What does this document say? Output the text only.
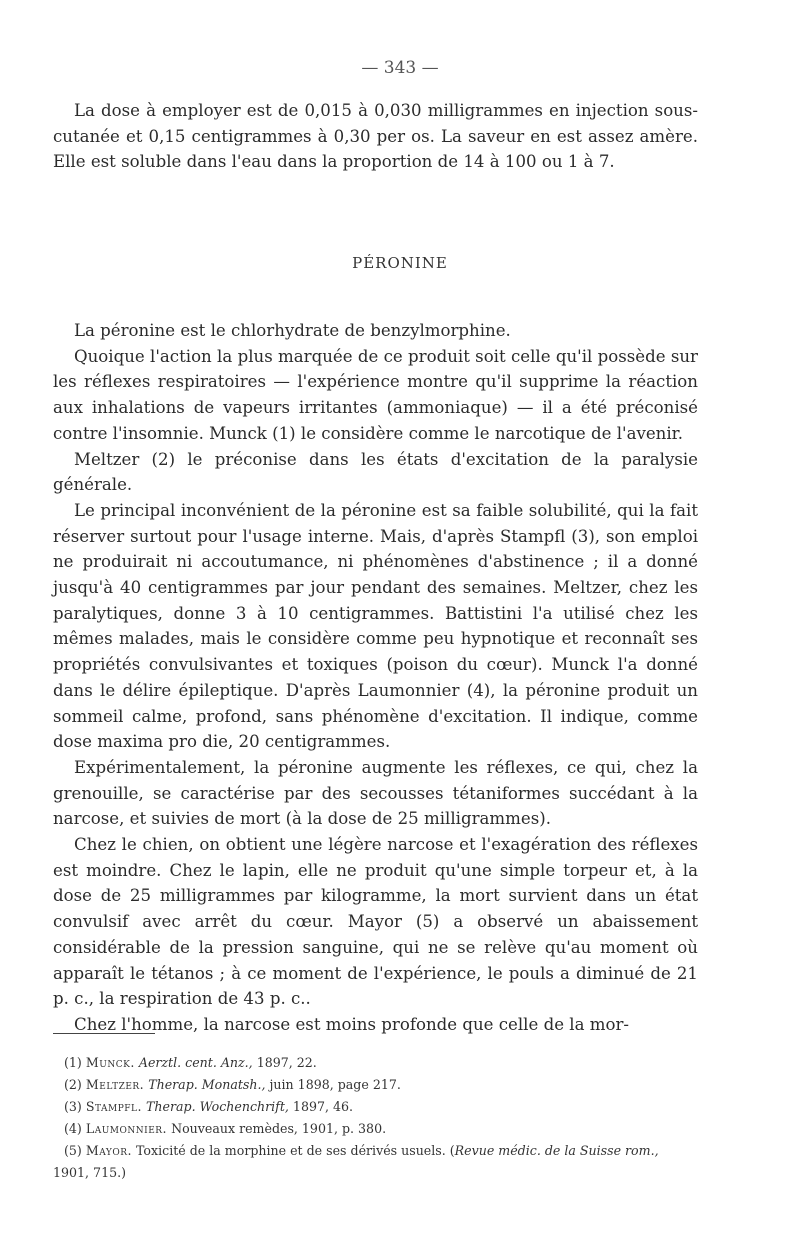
— 343 —

La dose à employer est de 0,015 à 0,030 milligrammes en injection sous-cutanée et 0,15 centigrammes à 0,30 per os. La saveur en est assez amère. Elle est soluble dans l'eau dans la proportion de 14 à 100 ou 1 à 7.

PÉRONINE

La péronine est le chlorhydrate de benzylmorphine.

Quoique l'action la plus marquée de ce produit soit celle qu'il possède sur les réflexes respiratoires — l'expérience montre qu'il supprime la réaction aux inhalations de vapeurs irritantes (ammoniaque) — il a été préconisé contre l'insomnie. Munck (1) le considère comme le narcotique de l'avenir.

Meltzer (2) le préconise dans les états d'excitation de la paralysie générale.

Le principal inconvénient de la péronine est sa faible solubilité, qui la fait réserver surtout pour l'usage interne. Mais, d'après Stampfl (3), son emploi ne produirait ni accoutumance, ni phénomènes d'abstinence ; il a donné jusqu'à 40 centigrammes par jour pendant des semaines. Meltzer, chez les paralytiques, donne 3 à 10 centigrammes. Battistini l'a utilisé chez les mêmes malades, mais le considère comme peu hypnotique et reconnaît ses propriétés convulsivantes et toxiques (poison du cœur). Munck l'a donné dans le délire épileptique. D'après Laumonnier (4), la péronine produit un sommeil calme, profond, sans phénomène d'excitation. Il indique, comme dose maxima pro die, 20 centigrammes.

Expérimentalement, la péronine augmente les réflexes, ce qui, chez la grenouille, se caractérise par des secousses tétaniformes succédant à la narcose, et suivies de mort (à la dose de 25 milligrammes).

Chez le chien, on obtient une légère narcose et l'exagération des réflexes est moindre. Chez le lapin, elle ne produit qu'une simple torpeur et, à la dose de 25 milligrammes par kilogramme, la mort survient dans un état convulsif avec arrêt du cœur. Mayor (5) a observé un abaissement considérable de la pression sanguine, qui ne se relève qu'au moment où apparaît le tétanos ; à ce moment de l'expérience, le pouls a diminué de 21 p. c., la respiration de 43 p. c..

Chez l'homme, la narcose est moins profonde que celle de la mor-

(1) Munck. Aerztl. cent. Anz., 1897, 22.
(2) Meltzer. Therap. Monatsh., juin 1898, page 217.
(3) Stampfl. Therap. Wochenchrift, 1897, 46.
(4) Laumonnier. Nouveaux remèdes, 1901, p. 380.
(5) Mayor. Toxicité de la morphine et de ses dérivés usuels. (Revue médic. de la Suisse rom., 1901, 715.)
